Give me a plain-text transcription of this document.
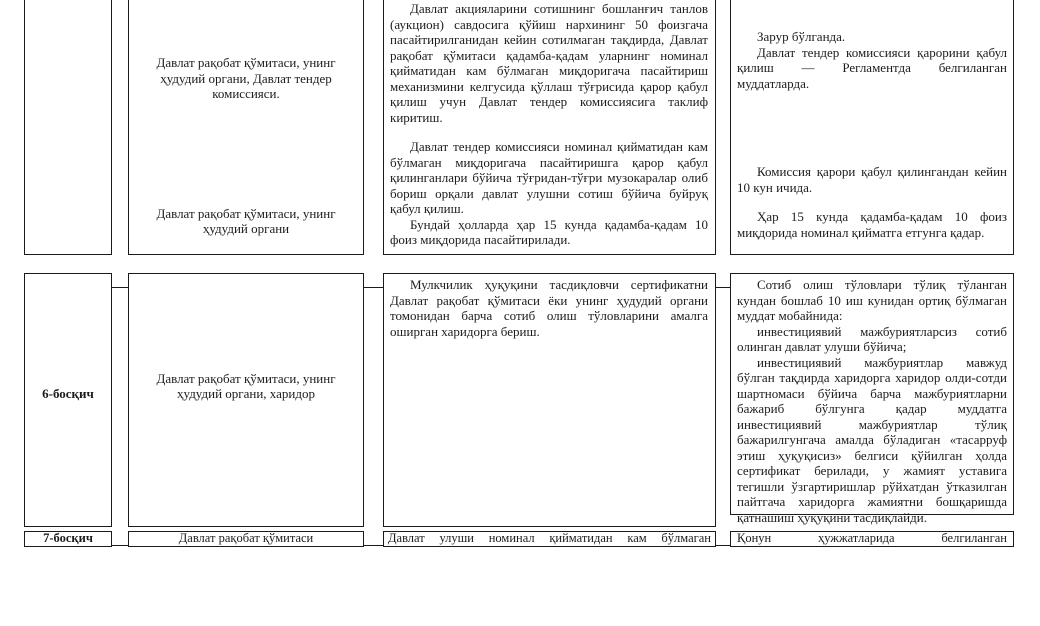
Давлат рақобат қўмитаси, унинг ҳудудий органи, Давлат тендер комиссияси.

Давлат рақобат қўмитаси, унинг ҳудудий органи

Давлат акцияларини сотишнинг бошланғич танлов (аукцион) савдосига қўйиш нархининг 50 фоизгача пасайтирилганидан кейин сотилмаган тақдирда, Давлат рақобат қўмитаси қадамба-қадам уларнинг номинал қийматидан кам бўлмаган миқдоригача пасайтириш механизмини келгусида қўллаш тўғрисида қарор қабул қилиш учун Давлат тендер комиссиясига таклиф киритиш.

Давлат тендер комиссияси номинал қийматидан кам бўлмаган миқдоригача пасайтиришга қарор қабул қилинганлари бўйича тўғридан-тўғри музокаралар олиб бориш орқали давлат улушни сотиш бўйича буйруқ қабул қилиш.

Бундай ҳолларда ҳар 15 кунда қадамба-қадам 10 фоиз миқдорида пасайтирилади.

Зарур бўлганда.

Давлат тендер комиссияси қарорини қабул қилиш — Регламентда белгиланган муддатларда.

Комиссия қарори қабул қилингандан кейин 10 кун ичида.

Ҳар 15 кунда қадамба-қадам 10 фоиз миқдорида номинал қийматга етгунга қадар.

6-босқич

Давлат рақобат қўмитаси, унинг ҳудудий органи, харидор

Мулкчилик ҳуқуқини тасдиқловчи сертификатни Давлат рақобат қўмитаси ёки унинг ҳудудий органи томонидан барча сотиб олиш тўловларини амалга оширган харидорга бериш.

Сотиб олиш тўловлари тўлиқ тўланган кундан бошлаб 10 иш кунидан ортиқ бўлмаган муддат мобайнида:

инвестициявий мажбуриятларсиз сотиб олинган давлат улуши бўйича;

инвестициявий мажбуриятлар мавжуд бўлган тақдирда харидорга харидор олди-сотди шартномаси бўйича барча мажбуриятларни бажариб бўлгунга қадар муддатга инвестициявий мажбуриятлар тўлиқ бажарилгунгача амалда бўладиган «тасарруф этиш ҳуқуқисиз» белгиси қўйилган ҳолда сертификат берилади, у жамият уставига тегишли ўзгартиришлар рўйхатдан ўтказилган пайтгача харидорга жамиятни бошқаришда қатнашиш ҳуқуқини тасдиқлайди.

7-босқич	Давлат рақобат қўмитаси	Давлат улуши номинал қийматидан кам бўлмаган Қонун ҳужжатларида белгиланган
